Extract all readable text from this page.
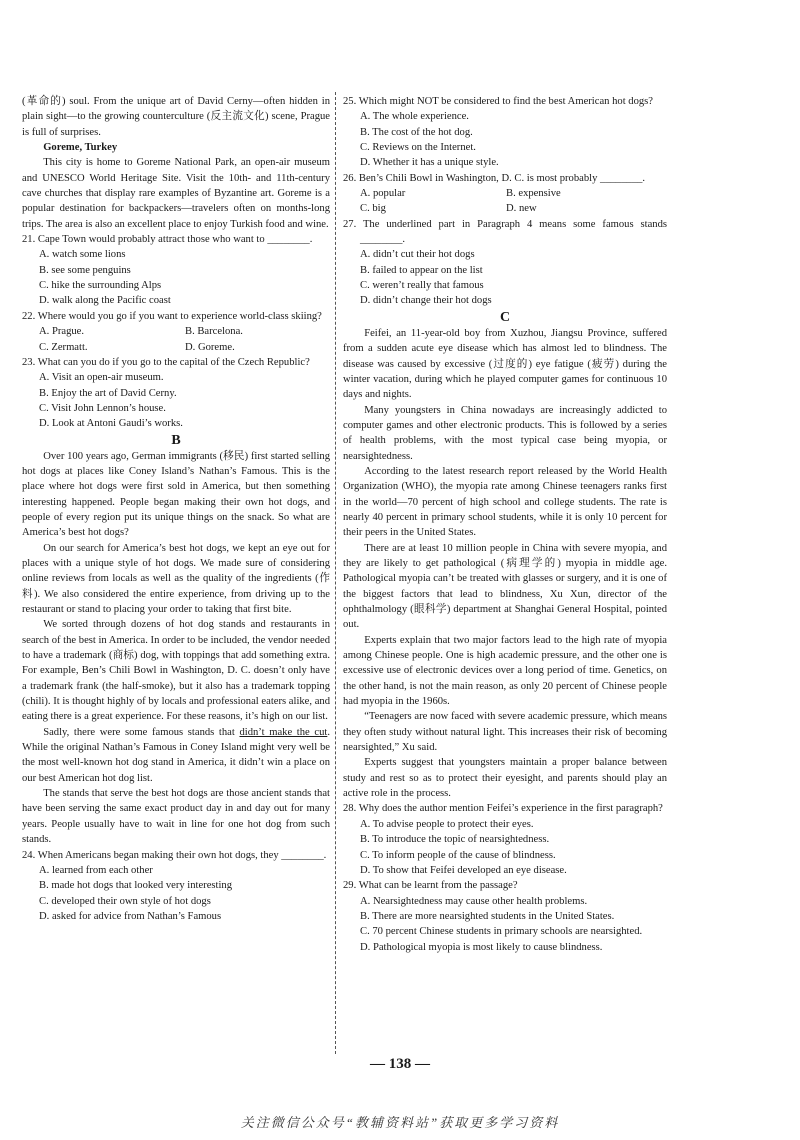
(革命的) soul. From the unique art of David Cerny—often hidden in plain sight—to the growing counterculture (反主流文化) scene, Prague is full of surprises.

Goreme, Turkey

This city is home to Goreme National Park, an open-air museum and UNESCO World Heritage Site. Visit the 10th- and 11th-century cave churches that display rare examples of Byzantine art. Goreme is a popular destination for backpackers—travelers often on months-long trips. The area is also an excellent place to enjoy Turkish food and wine.

21. Cape Town would probably attract those who want to ________.

A. watch some lions

B. see some penguins

C. hike the surrounding Alps

D. walk along the Pacific coast

22. Where would you go if you want to experience world-class skiing?

A. Prague.	B. Barcelona.
C. Zermatt.	D. Goreme.

23. What can you do if you go to the capital of the Czech Republic?

A. Visit an open-air museum.

B. Enjoy the art of David Cerny.

C. Visit John Lennon’s house.

D. Look at Antoni Gaudi’s works.

B

Over 100 years ago, German immigrants (移民) first started selling hot dogs at places like Coney Island’s Nathan’s Famous. This is the place where hot dogs were first sold in America, but then something interesting happened. People began making their own hot dogs, and people of every region put its unique things on the snack. So what are America’s best hot dogs?

On our search for America’s best hot dogs, we kept an eye out for places with a unique style of hot dogs. We made sure of considering online reviews from locals as well as the quality of the ingredients (作料). We also considered the entire experience, from driving up to the restaurant or stand to placing your order to taking that first bite.

We sorted through dozens of hot dog stands and restaurants in search of the best in America. In order to be included, the vendor needed to have a trademark (商标) dog, with toppings that add something extra. For example, Ben’s Chili Bowl in Washington, D. C. doesn’t only have a trademark frank (the half-smoke), but it also has a trademark topping (chili). It is thought highly of by locals and professional eaters alike, and eating there is a great experience. For these reasons, it’s high on our list.

Sadly, there were some famous stands that didn’t make the cut. While the original Nathan’s Famous in Coney Island might very well be the most well-known hot dog stand in America, it didn’t win a place on our best American hot dog list.

The stands that serve the best hot dogs are those ancient stands that have been serving the same exact product day in and day out for many years. People usually have to wait in line for one hot dog from such stands.

24. When Americans began making their own hot dogs, they ________.

A. learned from each other

B. made hot dogs that looked very interesting

C. developed their own style of hot dogs

D. asked for advice from Nathan’s Famous

25. Which might NOT be considered to find the best American hot dogs?

A. The whole experience.

B. The cost of the hot dog.

C. Reviews on the Internet.

D. Whether it has a unique style.

26. Ben’s Chili Bowl in Washington, D. C. is most probably ________.

A. popular	B. expensive
C. big	D. new

27. The underlined part in Paragraph 4 means some famous stands ________.

A. didn’t cut their hot dogs

B. failed to appear on the list

C. weren’t really that famous

D. didn’t change their hot dogs

C

Feifei, an 11-year-old boy from Xuzhou, Jiangsu Province, suffered from a sudden acute eye disease which has almost led to blindness. The disease was caused by excessive (过度的) eye fatigue (疲劳) during the winter vacation, during which he played computer games for continuous 10 days and nights.

Many youngsters in China nowadays are increasingly addicted to computer games and other electronic products. This is followed by a series of health problems, with the most typical case being myopia, or nearsightedness.

According to the latest research report released by the World Health Organization (WHO), the myopia rate among Chinese teenagers ranks first in the world—70 percent of high school and college students. The rate is nearly 40 percent in primary school students, while it is only 10 percent for their peers in the United States.

There are at least 10 million people in China with severe myopia, and they are likely to get pathological (病理学的) myopia in middle age. Pathological myopia can’t be treated with glasses or surgery, and it is one of the biggest factors that lead to blindness, Xu Xun, director of the ophthalmology (眼科学) department at Shanghai General Hospital, pointed out.

Experts explain that two major factors lead to the high rate of myopia among Chinese people. One is high academic pressure, and the other one is excessive use of electronic devices over a long period of time. Genetics, on the other hand, is not the main reason, as only 20 percent of Chinese people had myopia in the 1960s.

“Teenagers are now faced with severe academic pressure, which means they often study without natural light. This increases their risk of becoming nearsighted,” Xu said.

Experts suggest that youngsters maintain a proper balance between study and rest so as to protect their eyesight, and parents should play an active role in the process.

28. Why does the author mention Feifei’s experience in the first paragraph?

A. To advise people to protect their eyes.

B. To introduce the topic of nearsightedness.

C. To inform people of the cause of blindness.

D. To show that Feifei developed an eye disease.

29. What can be learnt from the passage?

A. Nearsightedness may cause other health problems.

B. There are more nearsighted students in the United States.

C. 70 percent Chinese students in primary schools are nearsighted.

D. Pathological myopia is most likely to cause blindness.

— 138 —
关注微信公众号“教辅资料站”获取更多学习资料
